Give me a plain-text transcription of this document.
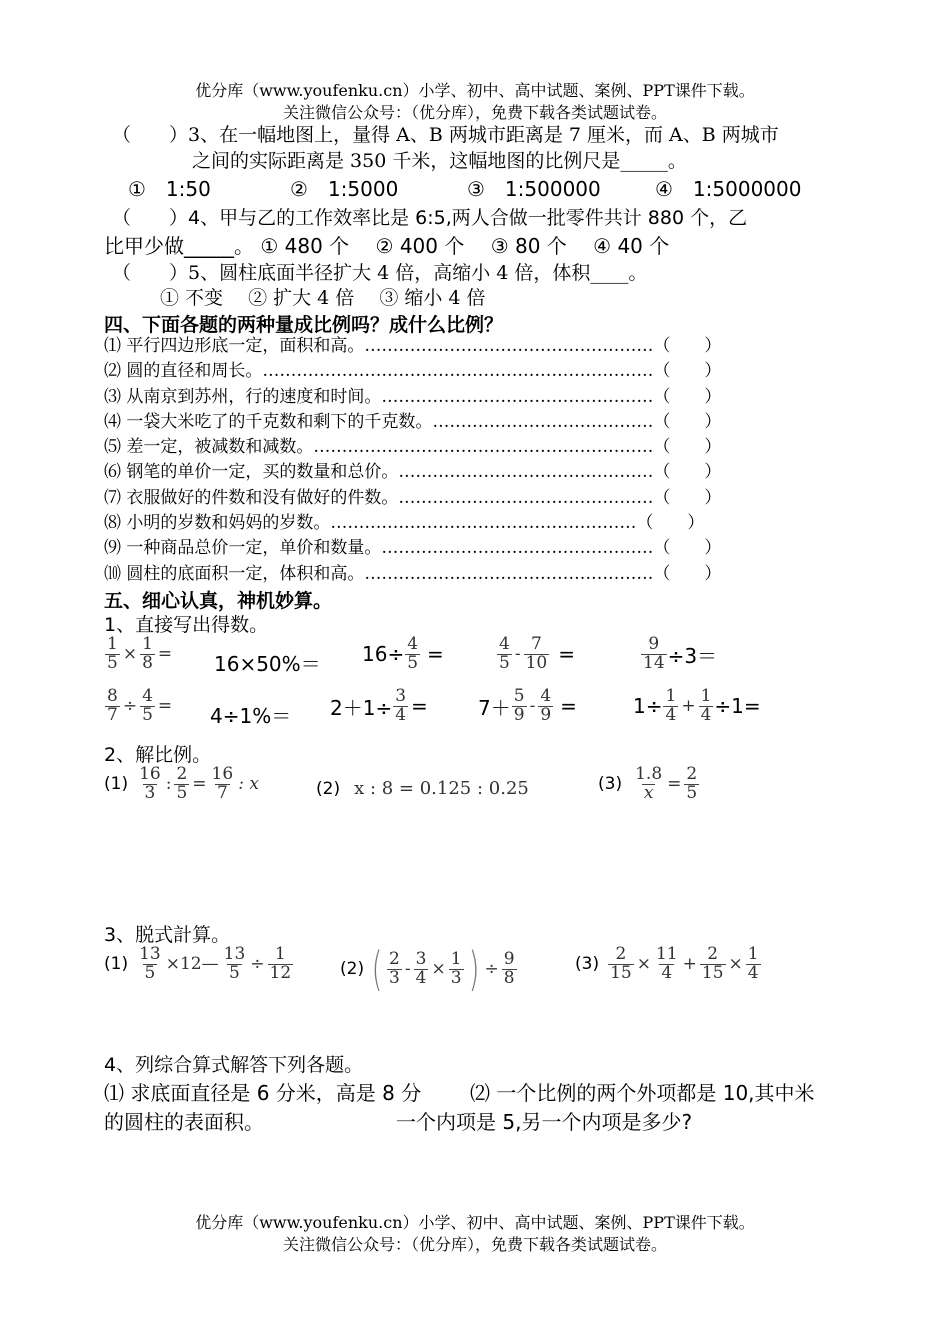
优分库（www.youfenku.cn）小学、初中、高中试题、案例、PPT课件下载。
关注微信公众号：（优分库），免费下载各类试题试卷。
（　　）3、在一幅地图上，量得 A、B 两城市距离是 7 厘米，而 A、B 两城市
之间的实际距离是 350 千米，这幅地图的比例尺是_____。
①　1:50	②　1:5000	③　1:500000	④　1:5000000
（　　）4、甲与乙的工作效率比是 6:5,两人合做一批零件共计 880 个，乙
比甲少做_____。 ① 480 个　 ② 400 个　 ③ 80 个　 ④ 40 个
（　　）5、圆柱底面半径扩大 4 倍，高缩小 4 倍，体积____。
① 不变　 ② 扩大 4 倍　 ③ 缩小 4 倍
四、下面各题的两种量成比例吗？成什么比例？
⑴ 平行四边形底一定，面积和高。……………………………………………（　　）
⑵ 圆的直径和周长。……………………………………………………………（　　）
⑶ 从南京到苏州，行的速度和时间。…………………………………………（　　）
⑷ 一袋大米吃了的千克数和剩下的千克数。…………………………………（　　）
⑸ 差一定，被减数和减数。……………………………………………………（　　）
⑹ 钢笔的单价一定，买的数量和总价。………………………………………（　　）
⑺ 衣服做好的件数和没有做好的件数。………………………………………（　　）
⑻ 小明的岁数和妈妈的岁数。………………………………………………（　　）
⑼ 一种商品总价一定，单价和数量。…………………………………………（　　）
⑽ 圆柱的底面积一定，体积和高。……………………………………………（　　）
五、细心认真，神机妙算。
1、直接写出得数。
$\frac{1}{5} \times \frac{1}{8} = 16\times 50\%= 16\div \frac{4}{5}$ =	$\frac{4}{5} - \frac{7}{10}$ =	$\frac{9}{14} \div 3=$
$\frac{8}{7} \div \frac{4}{5} = 4\div 1\%= 2+1\div \frac{3}{4}$ =	$7+ \frac{5}{9} - \frac{4}{9}$ =	$1\div \frac{1}{4} + \frac{1}{4} \div 1=$
2、解比例。
$(1) \frac{16}{3}$ : $\frac{2}{5} = \frac{16}{7}$ : x	(2) x : 8 = 0.125 : 0.25	$(3) \frac{1.8}{x} = \frac{2}{5}$
3、脱式計算。
$(1) \frac{13}{5}$ ×12— $\frac{13}{5} \div \frac{1}{12}$	(2) ( $\frac{2}{3} - \frac{3}{4} \times \frac{1}{3}$ ) ÷ $\frac{9}{8}$	$(3) \frac{2}{15} \times \frac{11}{4} + \frac{2}{15} \times \frac{1}{4}$
4、列综合算式解答下列各题。
⑴ 求底面直径是 6 分米，高是 8 分 ⑵ 一个比例的两个外项都是 10,其中米
的圆柱的表面积。	一个内项是 5,另一个内项是多少?
优分库（www.youfenku.cn）小学、初中、高中试题、案例、PPT课件下载。
关注微信公众号：（优分库），免费下载各类试题试卷。
